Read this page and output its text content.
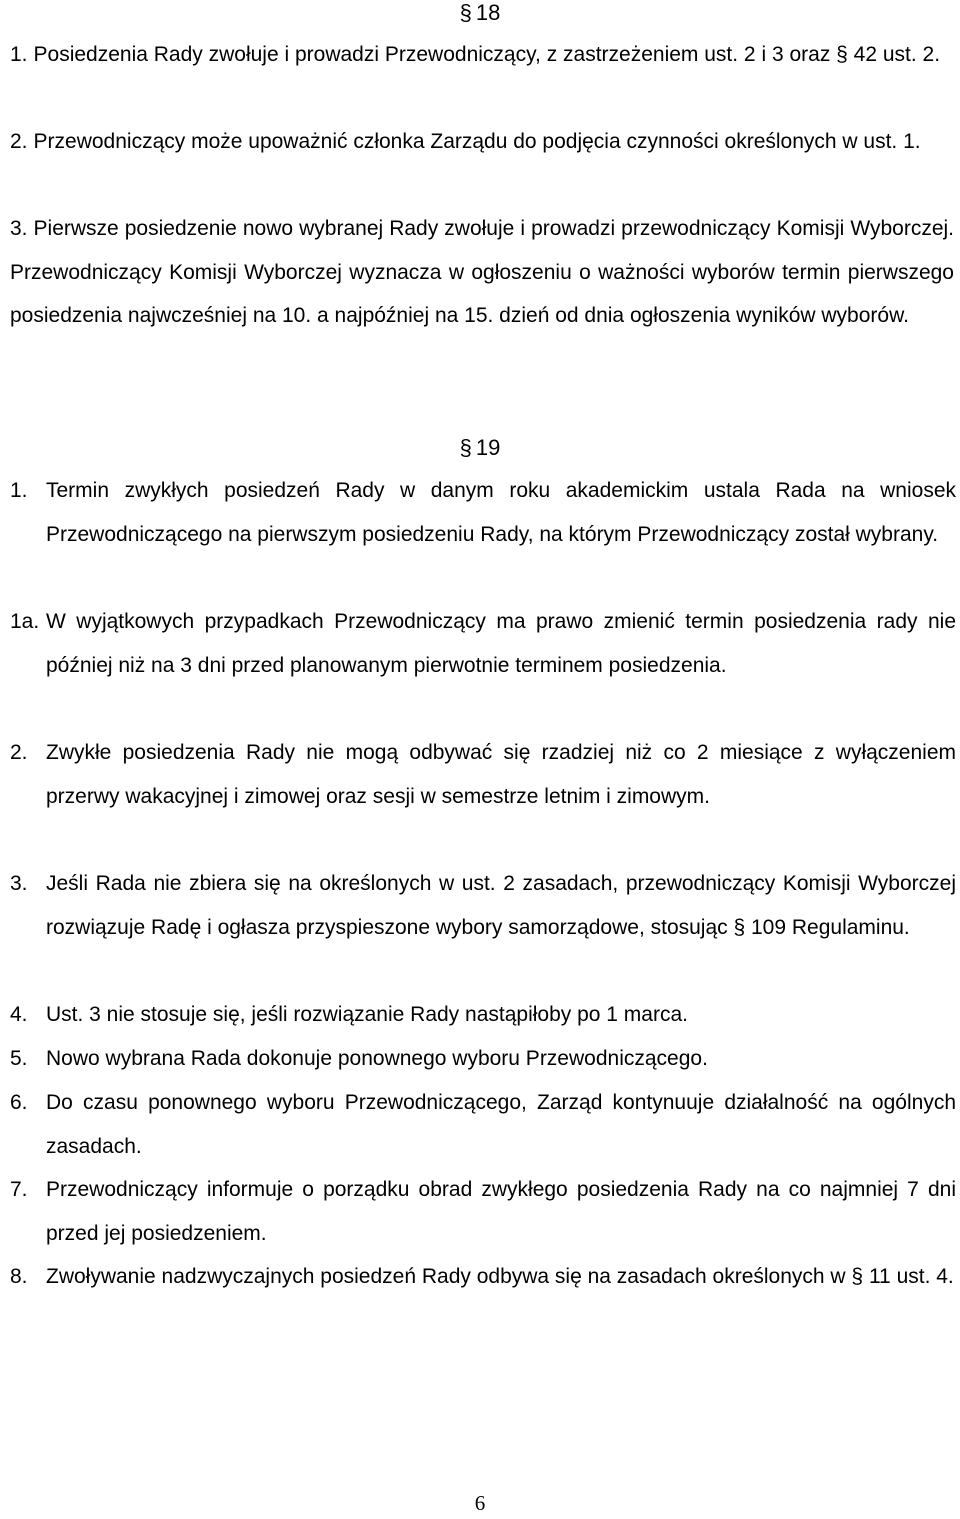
§ 18
1. Posiedzenia Rady zwołuje i prowadzi Przewodniczący, z zastrzeżeniem ust. 2 i 3 oraz § 42 ust. 2.
2. Przewodniczący może upoważnić członka Zarządu do podjęcia czynności określonych w ust. 1.
3. Pierwsze posiedzenie nowo wybranej Rady zwołuje i prowadzi przewodniczący Komisji Wyborczej. Przewodniczący Komisji Wyborczej wyznacza w ogłoszeniu o ważności wyborów termin pierwszego posiedzenia najwcześniej na 10. a najpóźniej na 15. dzień od dnia ogłoszenia wyników wyborów.
§ 19
1. Termin zwykłych posiedzeń Rady w danym roku akademickim ustala Rada na wniosek Przewodniczącego na pierwszym posiedzeniu Rady, na którym Przewodniczący został wybrany.
1a. W wyjątkowych przypadkach Przewodniczący ma prawo zmienić termin posiedzenia rady nie później niż na 3 dni przed planowanym pierwotnie terminem posiedzenia.
2. Zwykłe posiedzenia Rady nie mogą odbywać się rzadziej niż co 2 miesiące z wyłączeniem przerwy wakacyjnej i zimowej oraz sesji w semestrze letnim i zimowym.
3. Jeśli Rada nie zbiera się na określonych w ust. 2 zasadach, przewodniczący Komisji Wyborczej rozwiązuje Radę i ogłasza przyspieszone wybory samorządowe, stosując § 109 Regulaminu.
4. Ust. 3 nie stosuje się, jeśli rozwiązanie Rady nastąpiłoby po 1 marca.
5. Nowo wybrana Rada dokonuje ponownego wyboru Przewodniczącego.
6. Do czasu ponownego wyboru Przewodniczącego, Zarząd kontynuuje działalność na ogólnych zasadach.
7. Przewodniczący informuje o porządku obrad zwykłego posiedzenia Rady na co najmniej 7 dni przed jej posiedzeniem.
8. Zwoływanie nadzwyczajnych posiedzeń Rady odbywa się na zasadach określonych w § 11 ust. 4.
6
